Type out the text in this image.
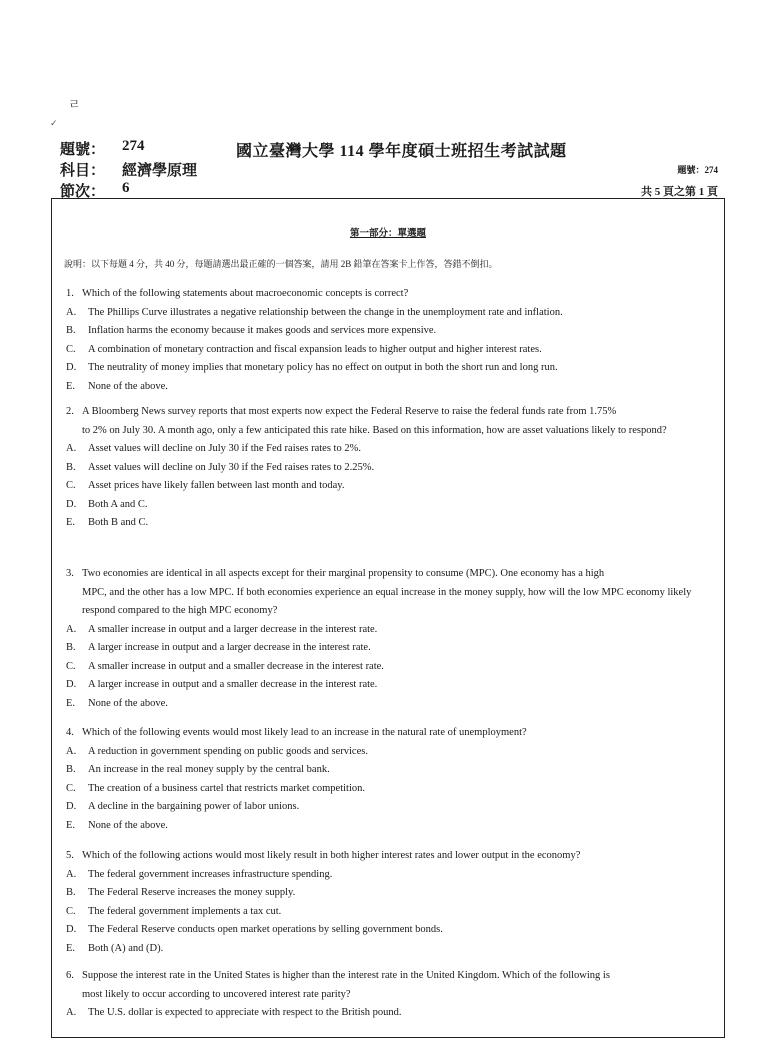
ㄹ
✓
題號： 274	國立臺灣大學 114 學年度碩士班招生考試試題
科目： 經濟學原理	題號：274
節次： 6	共 5 頁之第 1 頁
第一部分：單選題
說明：以下每題 4 分，共 40 分，每題請選出最正確的一個答案，請用 2B 鉛筆在答案卡上作答，答錯不倒扣。
1. Which of the following statements about macroeconomic concepts is correct?
A. The Phillips Curve illustrates a negative relationship between the change in the unemployment rate and inflation.
B. Inflation harms the economy because it makes goods and services more expensive.
C. A combination of monetary contraction and fiscal expansion leads to higher output and higher interest rates.
D. The neutrality of money implies that monetary policy has no effect on output in both the short run and long run.
E. None of the above.
2. A Bloomberg News survey reports that most experts now expect the Federal Reserve to raise the federal funds rate from 1.75%
to 2% on July 30. A month ago, only a few anticipated this rate hike. Based on this information, how are asset valuations likely to respond?
A. Asset values will decline on July 30 if the Fed raises rates to 2%.
B. Asset values will decline on July 30 if the Fed raises rates to 2.25%.
C. Asset prices have likely fallen between last month and today.
D. Both A and C.
E. Both B and C.
3. Two economies are identical in all aspects except for their marginal propensity to consume (MPC). One economy has a high
MPC, and the other has a low MPC. If both economies experience an equal increase in the money supply, how will the low MPC economy likely respond compared to the high MPC economy?
A. A smaller increase in output and a larger decrease in the interest rate.
B. A larger increase in output and a larger decrease in the interest rate.
C. A smaller increase in output and a smaller decrease in the interest rate.
D. A larger increase in output and a smaller decrease in the interest rate.
E. None of the above.
4. Which of the following events would most likely lead to an increase in the natural rate of unemployment?
A. A reduction in government spending on public goods and services.
B. An increase in the real money supply by the central bank.
C. The creation of a business cartel that restricts market competition.
D. A decline in the bargaining power of labor unions.
E. None of the above.
5. Which of the following actions would most likely result in both higher interest rates and lower output in the economy?
A. The federal government increases infrastructure spending.
B. The Federal Reserve increases the money supply.
C. The federal government implements a tax cut.
D. The Federal Reserve conducts open market operations by selling government bonds.
E. Both (A) and (D).
6. Suppose the interest rate in the United States is higher than the interest rate in the United Kingdom. Which of the following is
most likely to occur according to uncovered interest rate parity?
A. The U.S. dollar is expected to appreciate with respect to the British pound.
